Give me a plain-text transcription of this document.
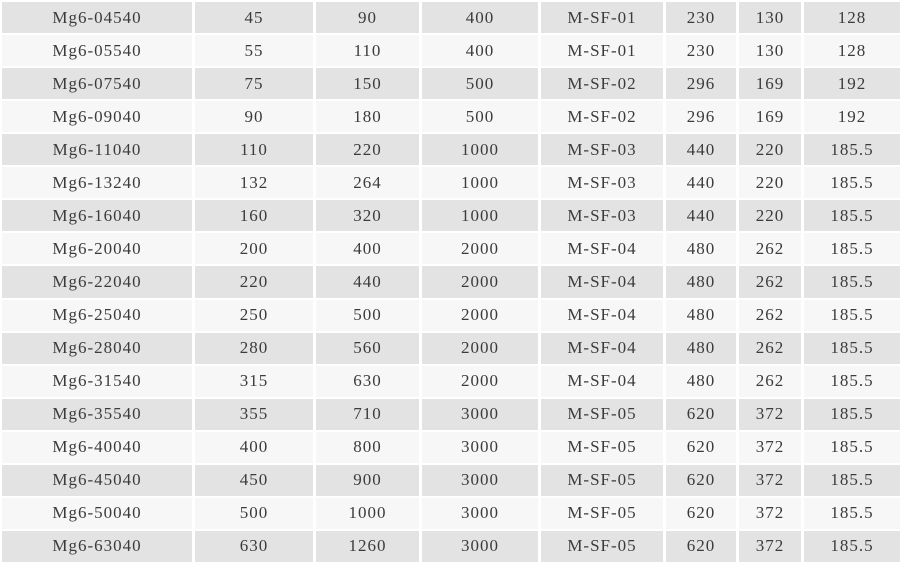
Mg6-04540	45	90	400	M-SF-01	230	130	128
Mg6-05540	55	110	400	M-SF-01	230	130	128
Mg6-07540	75	150	500	M-SF-02	296	169	192
Mg6-09040	90	180	500	M-SF-02	296	169	192
Mg6-11040	110	220	1000	M-SF-03	440	220	185.5
Mg6-13240	132	264	1000	M-SF-03	440	220	185.5
Mg6-16040	160	320	1000	M-SF-03	440	220	185.5
Mg6-20040	200	400	2000	M-SF-04	480	262	185.5
Mg6-22040	220	440	2000	M-SF-04	480	262	185.5
Mg6-25040	250	500	2000	M-SF-04	480	262	185.5
Mg6-28040	280	560	2000	M-SF-04	480	262	185.5
Mg6-31540	315	630	2000	M-SF-04	480	262	185.5
Mg6-35540	355	710	3000	M-SF-05	620	372	185.5
Mg6-40040	400	800	3000	M-SF-05	620	372	185.5
Mg6-45040	450	900	3000	M-SF-05	620	372	185.5
Mg6-50040	500	1000	3000	M-SF-05	620	372	185.5
Mg6-63040	630	1260	3000	M-SF-05	620	372	185.5
